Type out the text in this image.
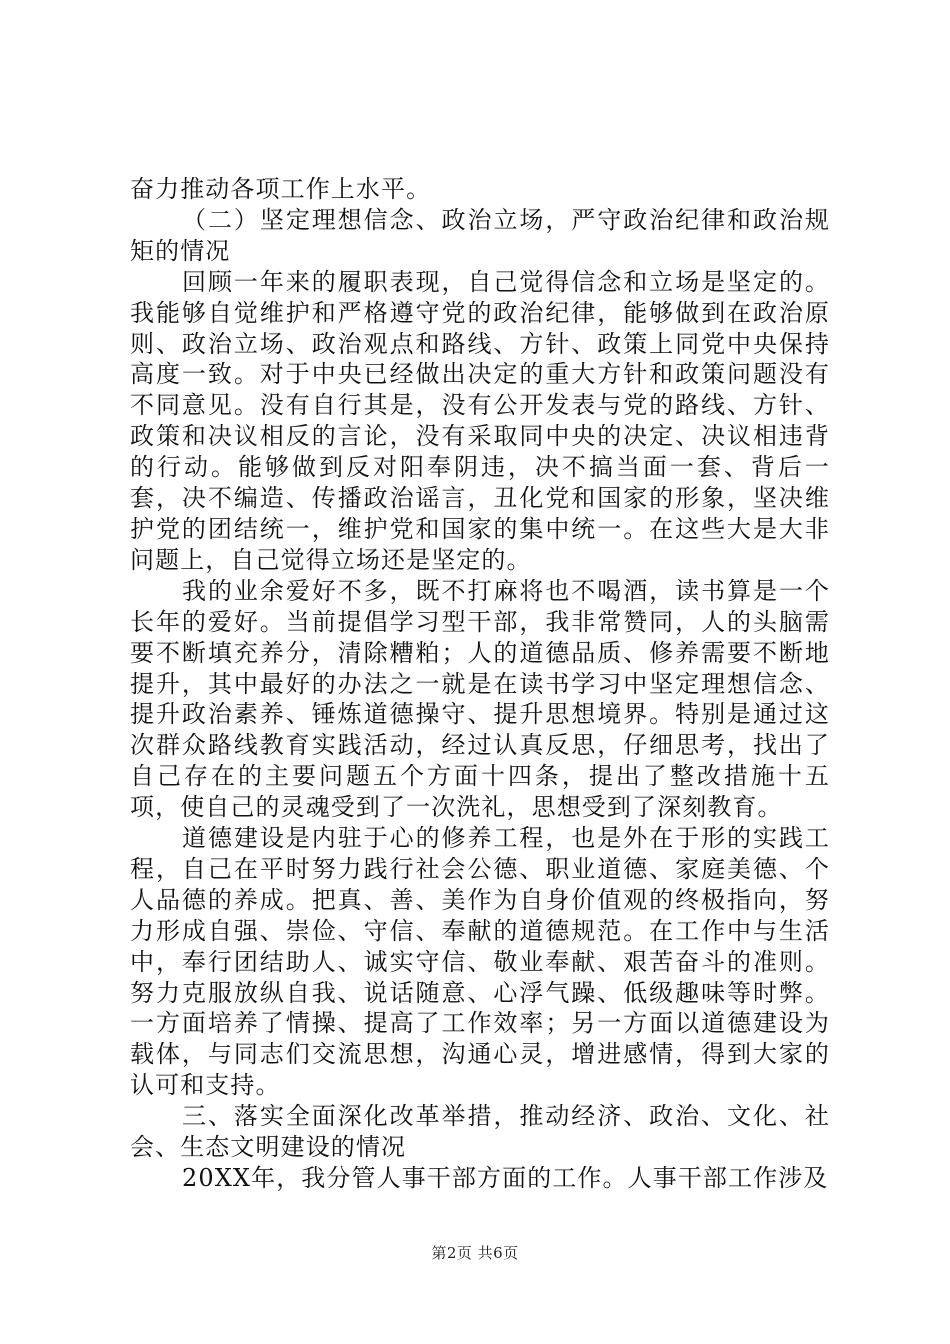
奋力推动各项工作上水平。

（二）坚定理想信念、政治立场，严守政治纪律和政治规矩的情况

回顾一年来的履职表现，自己觉得信念和立场是坚定的。我能够自觉维护和严格遵守党的政治纪律，能够做到在政治原则、政治立场、政治观点和路线、方针、政策上同党中央保持高度一致。对于中央已经做出决定的重大方针和政策问题没有不同意见。没有自行其是，没有公开发表与党的路线、方针、政策和决议相反的言论，没有采取同中央的决定、决议相违背的行动。能够做到反对阳奉阴违，决不搞当面一套、背后一套，决不编造、传播政治谣言，丑化党和国家的形象，坚决维护党的团结统一，维护党和国家的集中统一。在这些大是大非问题上，自己觉得立场还是坚定的。

我的业余爱好不多，既不打麻将也不喝酒，读书算是一个长年的爱好。当前提倡学习型干部，我非常赞同，人的头脑需要不断填充养分，清除糟粕；人的道德品质、修养需要不断地提升，其中最好的办法之一就是在读书学习中坚定理想信念、提升政治素养、锤炼道德操守、提升思想境界。特别是通过这次群众路线教育实践活动，经过认真反思，仔细思考，找出了自己存在的主要问题五个方面十四条，提出了整改措施十五项，使自己的灵魂受到了一次洗礼，思想受到了深刻教育。

道德建设是内驻于心的修养工程，也是外在于形的实践工程，自己在平时努力践行社会公德、职业道德、家庭美德、个人品德的养成。把真、善、美作为自身价值观的终极指向，努力形成自强、崇俭、守信、奉献的道德规范。在工作中与生活中，奉行团结助人、诚实守信、敬业奉献、艰苦奋斗的准则。努力克服放纵自我、说话随意、心浮气躁、低级趣味等时弊。一方面培养了情操、提高了工作效率；另一方面以道德建设为载体，与同志们交流思想，沟通心灵，增进感情，得到大家的认可和支持。

三、落实全面深化改革举措，推动经济、政治、文化、社会、生态文明建设的情况

20XX年，我分管人事干部方面的工作。人事干部工作涉及

第2页 共6页
